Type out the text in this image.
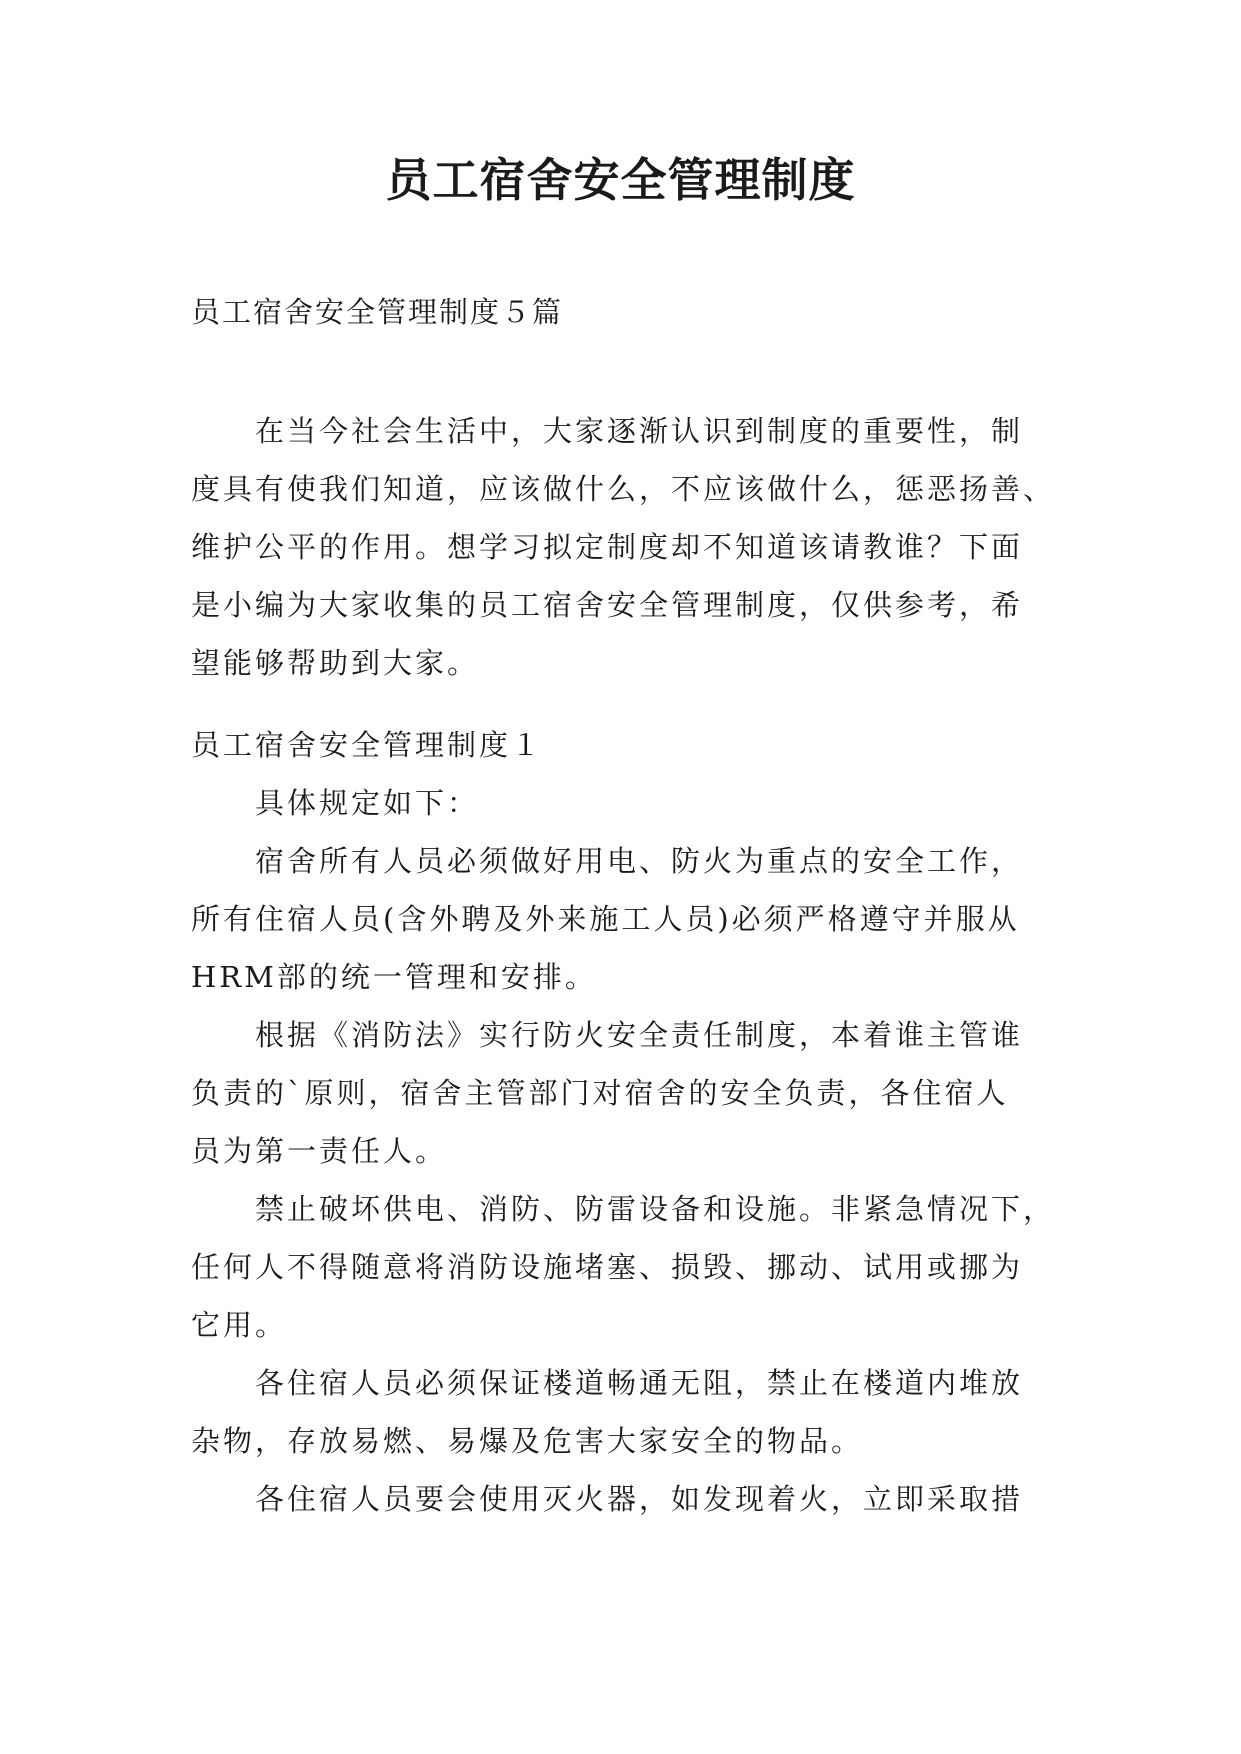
员工宿舍安全管理制度
员工宿舍安全管理制度５篇
在当今社会生活中，大家逐渐认识到制度的重要性，制
度具有使我们知道，应该做什么，不应该做什么，惩恶扬善、
维护公平的作用。想学习拟定制度却不知道该请教谁？下面
是小编为大家收集的员工宿舍安全管理制度，仅供参考，希
望能够帮助到大家。
员工宿舍安全管理制度１
具体规定如下：
宿舍所有人员必须做好用电、防火为重点的安全工作，
所有住宿人员(含外聘及外来施工人员)必须严格遵守并服从
HRM部的统一管理和安排。
根据《消防法》实行防火安全责任制度，本着谁主管谁
负责的`原则，宿舍主管部门对宿舍的安全负责，各住宿人
员为第一责任人。
禁止破坏供电、消防、防雷设备和设施。非紧急情况下，
任何人不得随意将消防设施堵塞、损毁、挪动、试用或挪为
它用。
各住宿人员必须保证楼道畅通无阻，禁止在楼道内堆放
杂物，存放易燃、易爆及危害大家安全的物品。
各住宿人员要会使用灭火器，如发现着火，立即采取措
